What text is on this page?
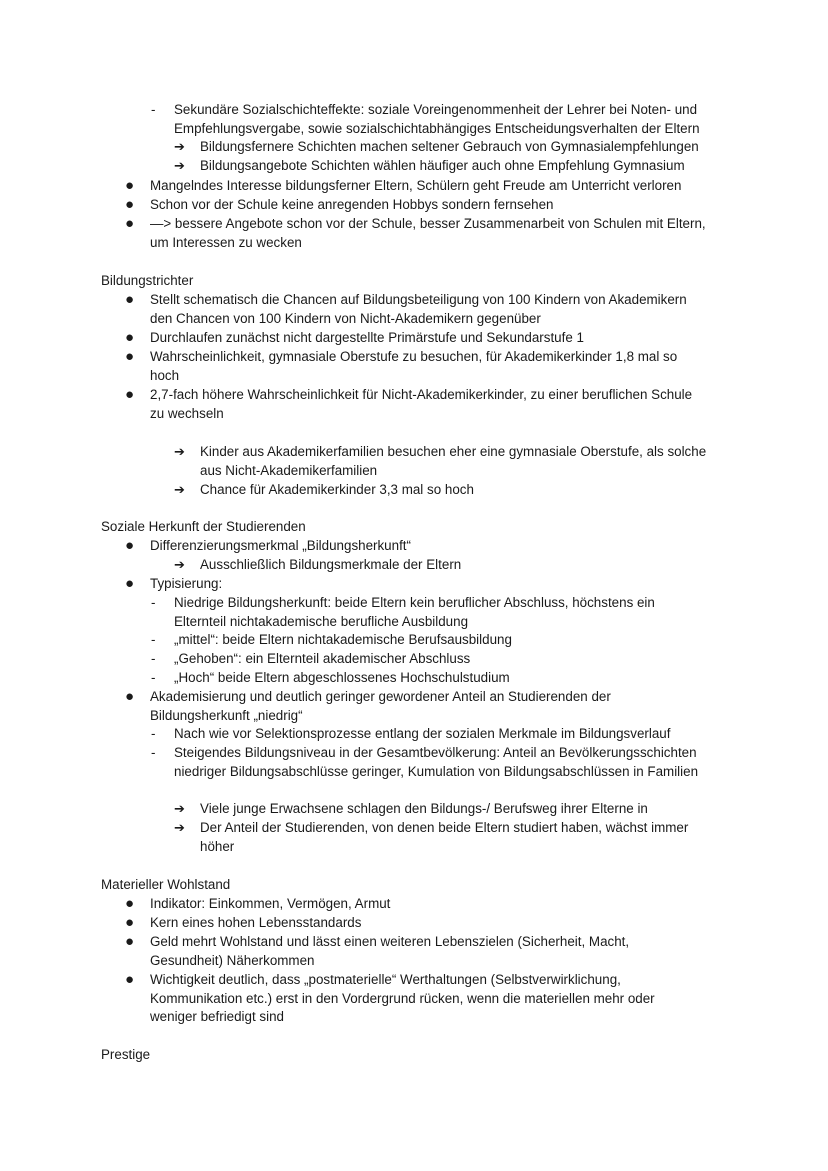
- Sekundäre Sozialschichteffekte: soziale Voreingenommenheit der Lehrer bei Noten- und
Empfehlungsvergabe, sowie sozialschichtabhängiges Entscheidungsverhalten der Eltern
➔ Bildungsfernere Schichten machen seltener Gebrauch von Gymnasialempfehlungen
➔ Bildungsangebote Schichten wählen häufiger auch ohne Empfehlung Gymnasium
● Mangelndes Interesse bildungsferner Eltern, Schülern geht Freude am Unterricht verloren
● Schon vor der Schule keine anregenden Hobbys sondern fernsehen
● —> bessere Angebote schon vor der Schule, besser Zusammenarbeit von Schulen mit Eltern,
um Interessen zu wecken
Bildungstrichter
● Stellt schematisch die Chancen auf Bildungsbeteiligung von 100 Kindern von Akademikern
den Chancen von 100 Kindern von Nicht-Akademikern gegenüber
● Durchlaufen zunächst nicht dargestellte Primärstufe und Sekundarstufe 1
● Wahrscheinlichkeit, gymnasiale Oberstufe zu besuchen, für Akademikerkinder 1,8 mal so
hoch
● 2,7-fach höhere Wahrscheinlichkeit für Nicht-Akademikerkinder, zu einer beruflichen Schule
zu wechseln
➔ Kinder aus Akademikerfamilien besuchen eher eine gymnasiale Oberstufe, als solche
aus Nicht-Akademikerfamilien
➔ Chance für Akademikerkinder 3,3 mal so hoch
Soziale Herkunft der Studierenden
● Differenzierungsmerkmal „Bildungsherkunft“
➔ Ausschließlich Bildungsmerkmale der Eltern
● Typisierung:
- Niedrige Bildungsherkunft: beide Eltern kein beruflicher Abschluss, höchstens ein
Elternteil nichtakademische berufliche Ausbildung
- „mittel“: beide Eltern nichtakademische Berufsausbildung
- „Gehoben“: ein Elternteil akademischer Abschluss
- „Hoch“ beide Eltern abgeschlossenes Hochschulstudium
● Akademisierung und deutlich geringer gewordener Anteil an Studierenden der
Bildungsherkunft „niedrig“
- Nach wie vor Selektionsprozesse entlang der sozialen Merkmale im Bildungsverlauf
- Steigendes Bildungsniveau in der Gesamtbevölkerung: Anteil an Bevölkerungsschichten
niedriger Bildungsabschlüsse geringer, Kumulation von Bildungsabschlüssen in Familien
➔ Viele junge Erwachsene schlagen den Bildungs-/ Berufsweg ihrer Elterne in
➔ Der Anteil der Studierenden, von denen beide Eltern studiert haben, wächst immer
höher
Materieller Wohlstand
● Indikator: Einkommen, Vermögen, Armut
● Kern eines hohen Lebensstandards
● Geld mehrt Wohlstand und lässt einen weiteren Lebenszielen (Sicherheit, Macht,
Gesundheit) Näherkommen
● Wichtigkeit deutlich, dass „postmaterielle“ Werthaltungen (Selbstverwirklichung,
Kommunikation etc.) erst in den Vordergrund rücken, wenn die materiellen mehr oder
weniger befriedigt sind
Prestige
